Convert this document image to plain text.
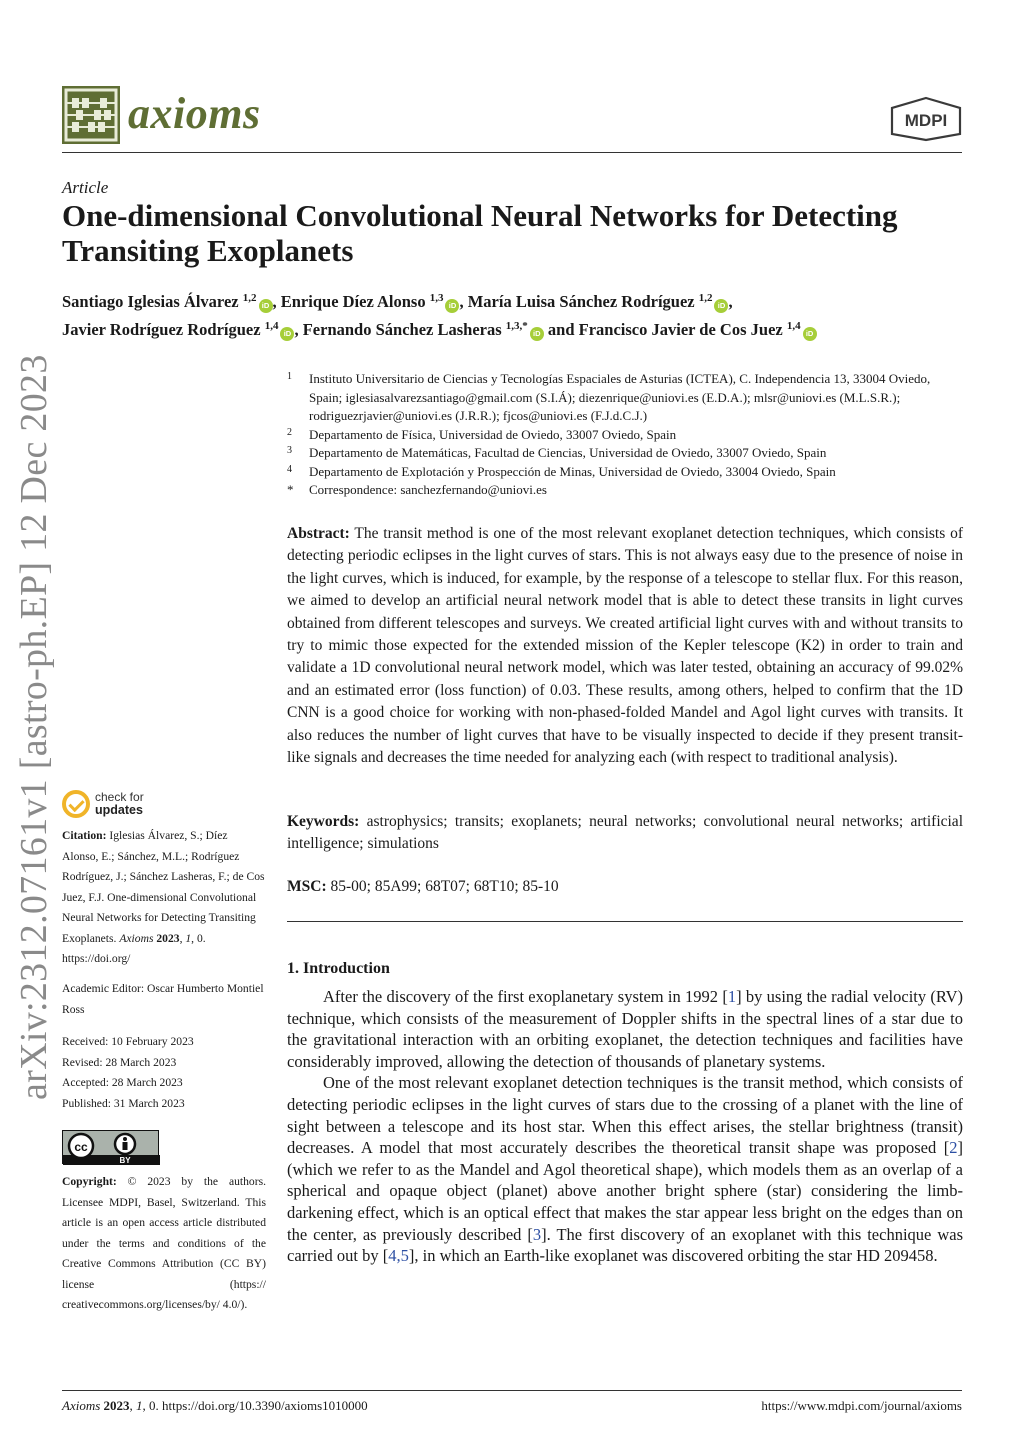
axioms	MDPI
Article
One-dimensional Convolutional Neural Networks for Detecting Transiting Exoplanets
Santiago Iglesias Álvarez $^{1,2}$iD , Enrique Díez Alonso $^{1,3}$iD , María Luisa Sánchez Rodríguez $^{1,2}$iD ,
Javier Rodríguez Rodríguez $^{1,4}$iD , Fernando Sánchez Lasheras $^{1,3,*}$iD and Francisco Javier de Cos Juez $^{1,4}$iD
1	Instituto Universitario de Ciencias y Tecnologías Espaciales de Asturias (ICTEA), C. Independencia 13, 33004 Oviedo, Spain; iglesiasalvarezsantiago@gmail.com (S.I.Á); diezenrique@uniovi.es (E.D.A.); mlsr@uniovi.es (M.L.S.R.); rodriguezrjavier@uniovi.es (J.R.R.); fjcos@uniovi.es (F.J.d.C.J.)
2	Departamento de Física, Universidad de Oviedo, 33007 Oviedo, Spain
3	Departamento de Matemáticas, Facultad de Ciencias, Universidad de Oviedo, 33007 Oviedo, Spain
4	Departamento de Explotación y Prospección de Minas, Universidad de Oviedo, 33004 Oviedo, Spain
*	Correspondence: sanchezfernando@uniovi.es
Abstract: The transit method is one of the most relevant exoplanet detection techniques, which consists of detecting periodic eclipses in the light curves of stars. This is not always easy due to the presence of noise in the light curves, which is induced, for example, by the response of a telescope to stellar flux. For this reason, we aimed to develop an artificial neural network model that is able to detect these transits in light curves obtained from different telescopes and surveys. We created artificial light curves with and without transits to try to mimic those expected for the extended mission of the Kepler telescope (K2) in order to train and validate a 1D convolutional neural network model, which was later tested, obtaining an accuracy of 99.02% and an estimated error (loss function) of 0.03. These results, among others, helped to confirm that the 1D CNN is a good choice for working with non-phased-folded Mandel and Agol light curves with transits. It also reduces the number of light curves that have to be visually inspected to decide if they present transit-like signals and decreases the time needed for analyzing each (with respect to traditional analysis).
Keywords: astrophysics; transits; exoplanets; neural networks; convolutional neural networks; artificial intelligence; simulations
MSC: 85-00; 85A99; 68T07; 68T10; 85-10
1. Introduction

After the discovery of the first exoplanetary system in 1992 [1] by using the radial velocity (RV) technique, which consists of the measurement of Doppler shifts in the spectral lines of a star due to the gravitational interaction with an orbiting exoplanet, the detection techniques and facilities have considerably improved, allowing the detection of thousands of planetary systems.

One of the most relevant exoplanet detection techniques is the transit method, which consists of detecting periodic eclipses in the light curves of stars due to the crossing of a planet with the line of sight between a telescope and its host star. When this effect arises, the stellar brightness (transit) decreases. A model that most accurately describes the theoretical transit shape was proposed [2] (which we refer to as the Mandel and Agol theoretical shape), which models them as an overlap of a spherical and opaque object (planet) above another bright sphere (star) considering the limb-darkening effect, which is an optical effect that makes the star appear less bright on the edges than on the center, as previously described [3]. The first discovery of an exoplanet with this technique was carried out by [4,5], in which an Earth-like exoplanet was discovered orbiting the star HD 209458.

arXiv:2312.07161v1 [astro-ph.EP] 12 Dec 2023	check for
updates
Citation: Iglesias Álvarez, S.; Díez Alonso, E.; Sánchez, M.L.; Rodríguez Rodríguez, J.; Sánchez Lasheras, F.; de Cos Juez, F.J. One-dimensional Convolutional Neural Networks for Detecting Transiting Exoplanets. Axioms 2023, 1, 0. https://doi.org/
Academic Editor: Oscar Humberto Montiel Ross
Received: 10 February 2023
Revised: 28 March 2023
Accepted: 28 March 2023
Published: 31 March 2023
cc
BY
Copyright: © 2023 by the authors. Licensee MDPI, Basel, Switzerland. This article is an open access article distributed under the terms and conditions of the Creative Commons Attribution (CC BY) license (https:// creativecommons.org/licenses/by/ 4.0/).
Axioms 2023, 1, 0. https://doi.org/10.3390/axioms1010000	https://www.mdpi.com/journal/axioms
